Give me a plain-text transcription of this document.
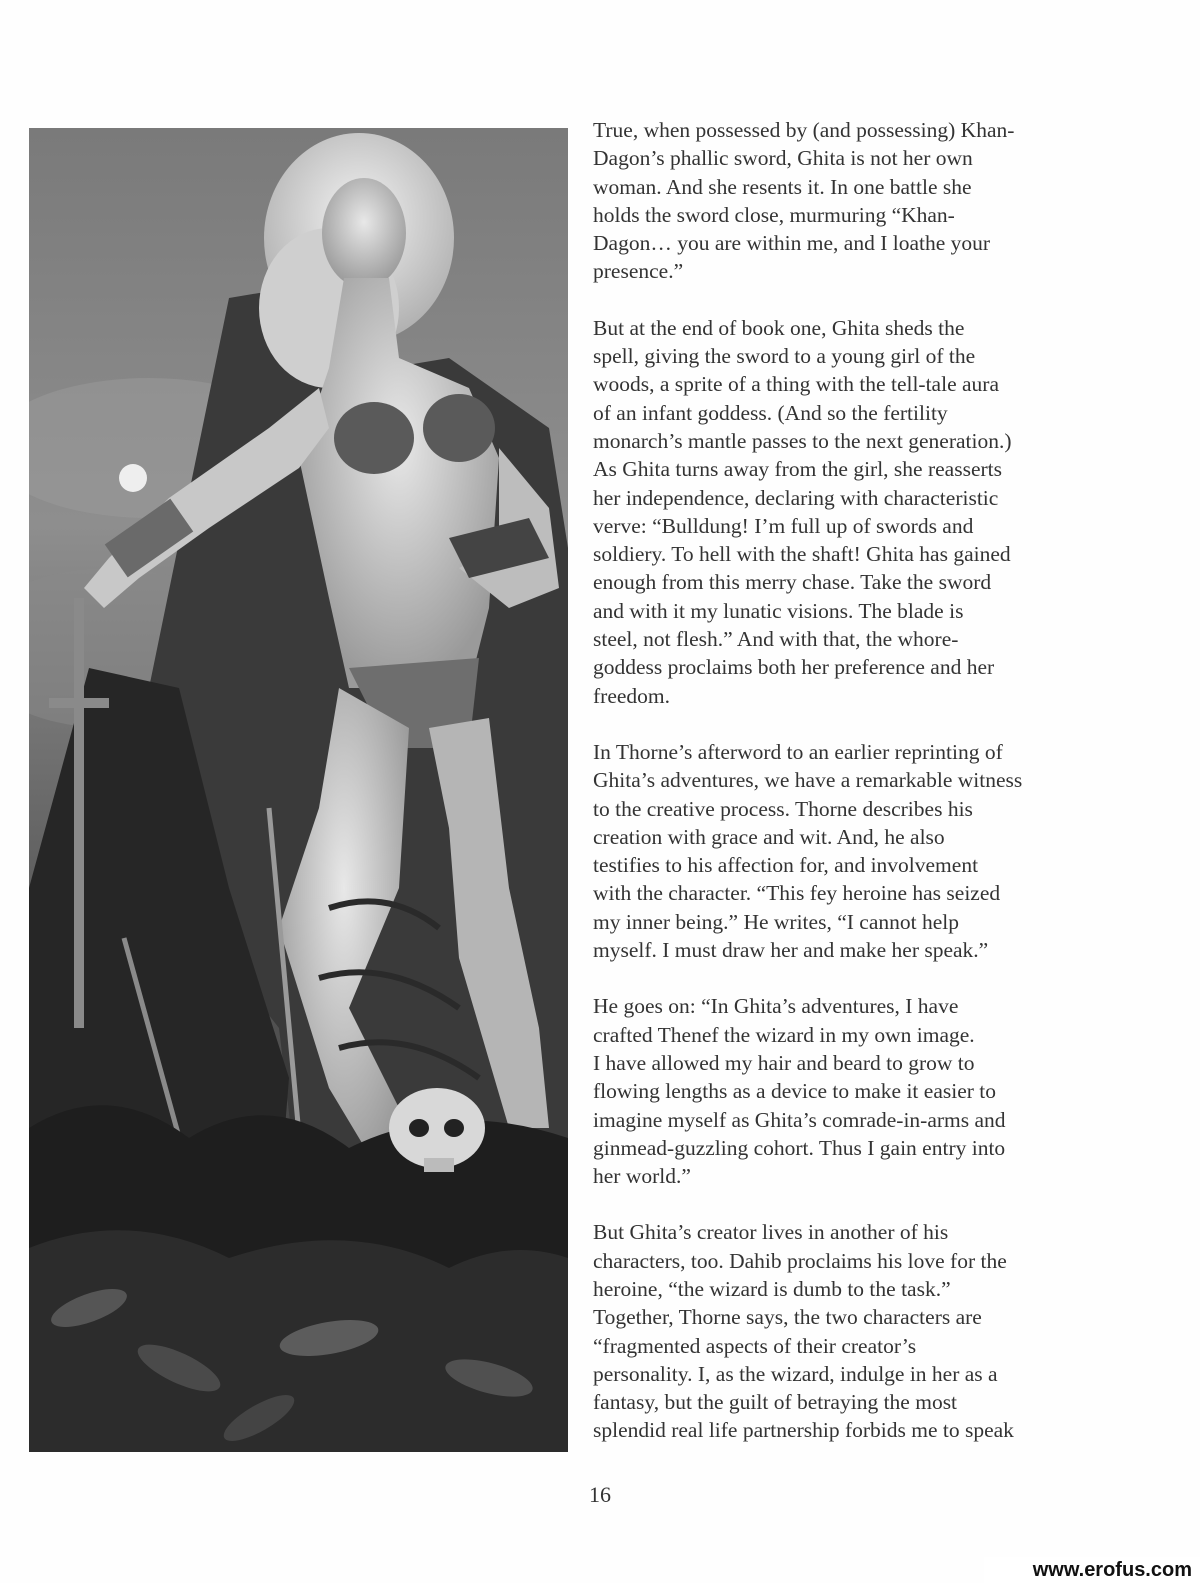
True, when possessed by (and possessing) Khan-
Dagon’s phallic sword, Ghita is not her own
woman. And she resents it. In one battle she
holds the sword close, murmuring “Khan-
Dagon… you are within me, and I loathe your
presence.”

But at the end of book one, Ghita sheds the
spell, giving the sword to a young girl of the
woods, a sprite of a thing with the tell-tale aura
of an infant goddess. (And so the fertility
monarch’s mantle passes to the next generation.)
As Ghita turns away from the girl, she reasserts
her independence, declaring with characteristic
verve: “Bulldung! I’m full up of swords and
soldiery. To hell with the shaft! Ghita has gained
enough from this merry chase. Take the sword
and with it my lunatic visions. The blade is
steel, not flesh.” And with that, the whore-
goddess proclaims both her preference and her
freedom.

In Thorne’s afterword to an earlier reprinting of
Ghita’s adventures, we have a remarkable witness
to the creative process. Thorne describes his
creation with grace and wit. And, he also
testifies to his affection for, and involvement
with the character. “This fey heroine has seized
my inner being.” He writes, “I cannot help
myself. I must draw her and make her speak.”

He goes on: “In Ghita’s adventures, I have
crafted Thenef the wizard in my own image.
I have allowed my hair and beard to grow to
flowing lengths as a device to make it easier to
imagine myself as Ghita’s comrade-in-arms and
ginmead-guzzling cohort. Thus I gain entry into
her world.”

But Ghita’s creator lives in another of his
characters, too. Dahib proclaims his love for the
heroine, “the wizard is dumb to the task.”
Together, Thorne says, the two characters are
“fragmented aspects of their creator’s
personality. I, as the wizard, indulge in her as a
fantasy, but the guilt of betraying the most
splendid real life partnership forbids me to speak

16
www.erofus.com
